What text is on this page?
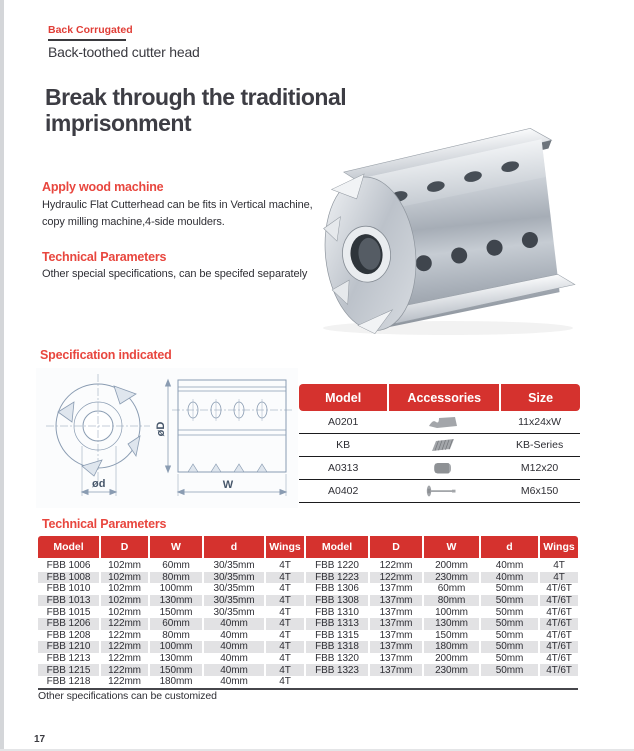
Back Corrugated
Back-toothed cutter head
Break through the traditional
imprisonment
Apply wood machine
Hydraulic Flat Cutterhead can be fits in Vertical machine, copy milling machine,4-side moulders.
Technical Parameters
Other special specifications, can be specifed separately
Specification indicated
ød
øD
W
Model	Accessories	Size
A0201		11x24xW
KB		KB-Series
A0313		M12x20
A0402		M6x150
Technical Parameters
Model	D	W	d	Wings	Model	D	W	d	Wings
FBB 1006	102mm	60mm	30/35mm	4T	FBB 1220	122mm	200mm	40mm	4T
FBB 1008	102mm	80mm	30/35mm	4T	FBB 1223	122mm	230mm	40mm	4T
FBB 1010	102mm	100mm	30/35mm	4T	FBB 1306	137mm	60mm	50mm	4T/6T
FBB 1013	102mm	130mm	30/35mm	4T	FBB 1308	137mm	80mm	50mm	4T/6T
FBB 1015	102mm	150mm	30/35mm	4T	FBB 1310	137mm	100mm	50mm	4T/6T
FBB 1206	122mm	60mm	40mm	4T	FBB 1313	137mm	130mm	50mm	4T/6T
FBB 1208	122mm	80mm	40mm	4T	FBB 1315	137mm	150mm	50mm	4T/6T
FBB 1210	122mm	100mm	40mm	4T	FBB 1318	137mm	180mm	50mm	4T/6T
FBB 1213	122mm	130mm	40mm	4T	FBB 1320	137mm	200mm	50mm	4T/6T
FBB 1215	122mm	150mm	40mm	4T	FBB 1323	137mm	230mm	50mm	4T/6T
FBB 1218	122mm	180mm	40mm	4T					
Other specifications can be customized
17
